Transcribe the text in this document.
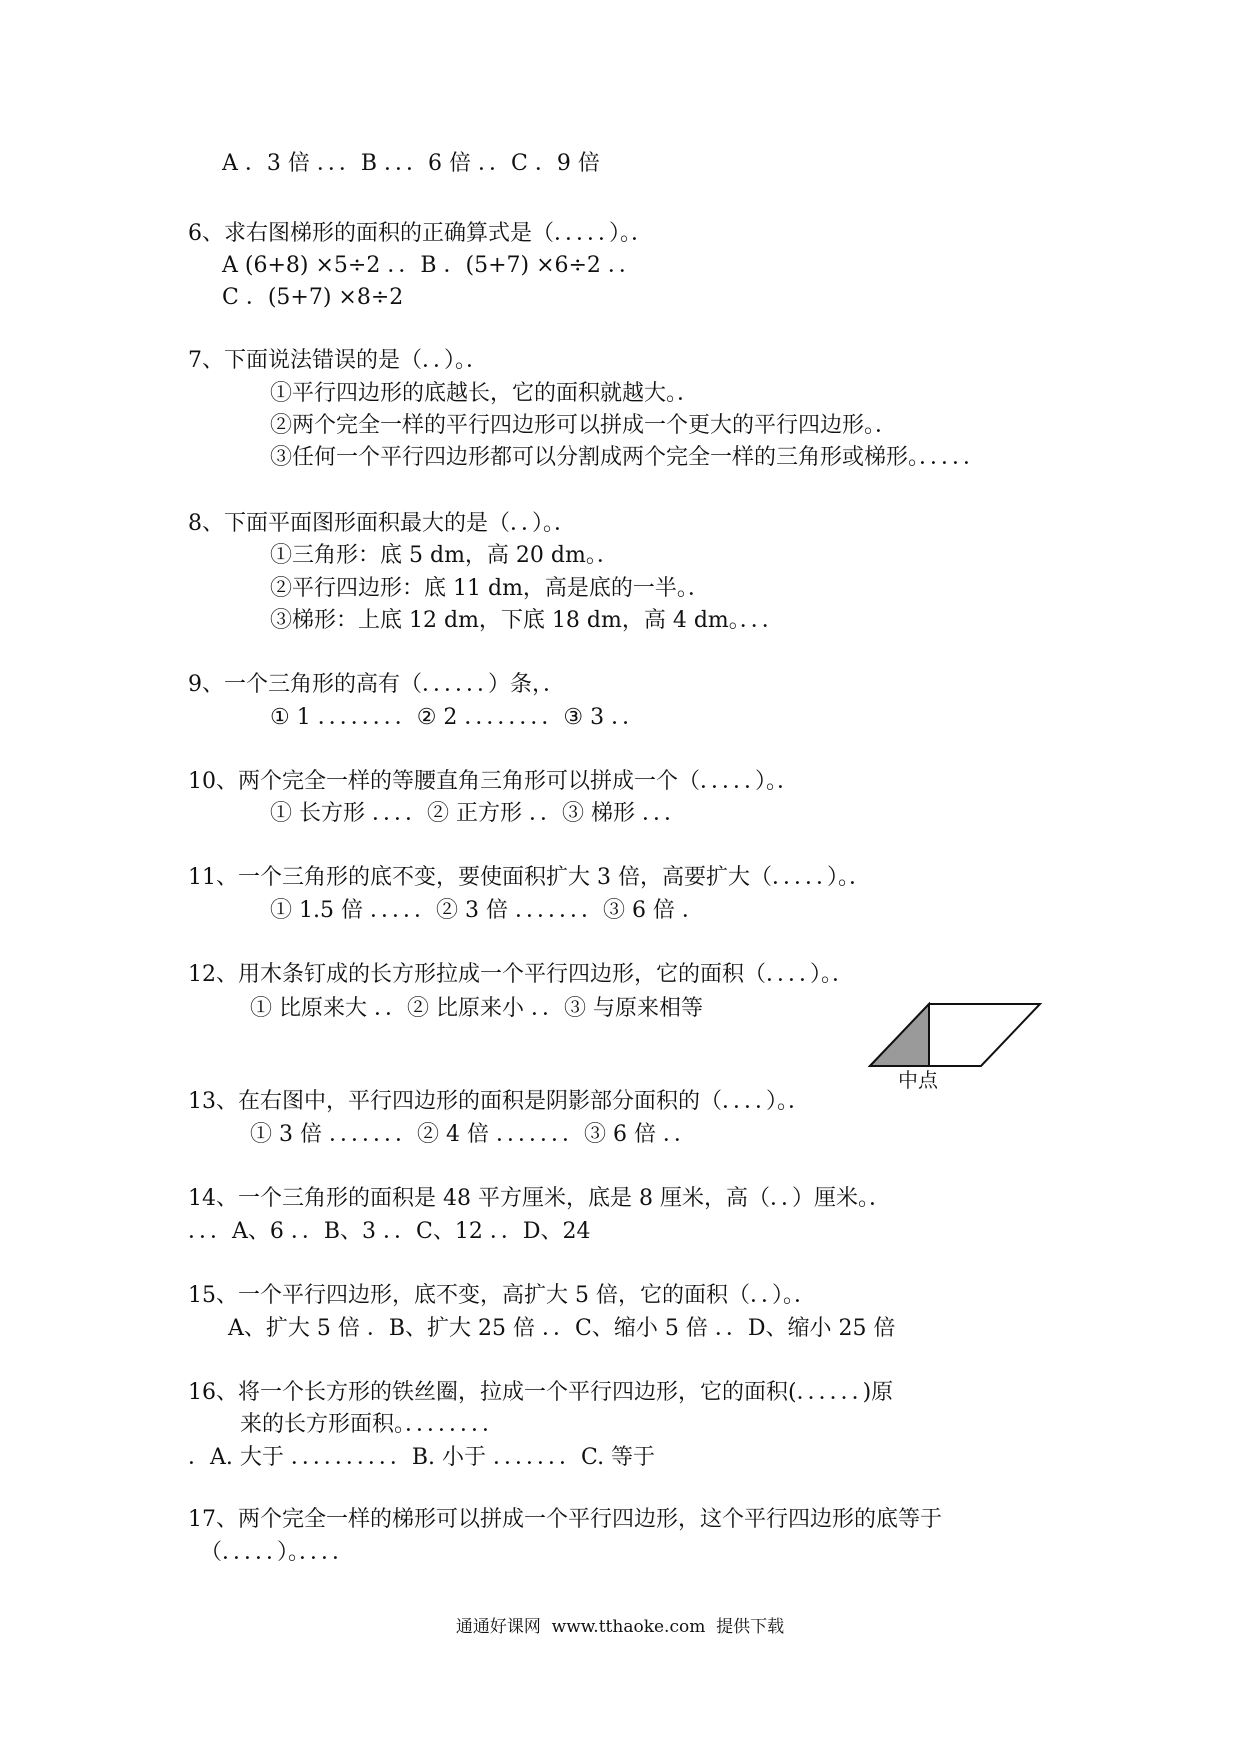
A ．3 倍 ．．．B ．．．6 倍 ．．C ．9 倍
6、求右图梯形的面积的正确算式是（．．．．．）。．
A (6+8) ×5÷2 ．．B ．(5+7) ×6÷2 ．．
C ．(5+7) ×8÷2
7、下面说法错误的是（．．）。．
①平行四边形的底越长，它的面积就越大。．
②两个完全一样的平行四边形可以拼成一个更大的平行四边形。．
③任何一个平行四边形都可以分割成两个完全一样的三角形或梯形。．．．．．
8、下面平面图形面积最大的是（．．）。．
①三角形：底 5 dm，高 20 dm。．
②平行四边形：底 11 dm，高是底的一半。．
③梯形：上底 12 dm，下底 18 dm，高 4 dm。．．．
9、一个三角形的高有（．．．．．．）条，．
① 1 ．．．．．．．．② 2 ．．．．．．．．③ 3 ．．
10、两个完全一样的等腰直角三角形可以拼成一个（．．．．．）。．
① 长方形 ．．．．② 正方形 ．．③ 梯形 ．．．
11、一个三角形的底不变，要使面积扩大 3 倍，高要扩大（．．．．．）。．
① 1.5 倍 ．．．．．② 3 倍 ．．．．．．．③ 6 倍 ．
12、用木条钉成的长方形拉成一个平行四边形，它的面积（．．．．）。．
① 比原来大 ．．② 比原来小 ．．③ 与原来相等
中点
13、在右图中，平行四边形的面积是阴影部分面积的（．．．．）。．
① 3 倍 ．．．．．．．② 4 倍 ．．．．．．．③ 6 倍 ．．
14、一个三角形的面积是 48 平方厘米，底是 8 厘米，高（．．）厘米。．
．．．A、6 ．．B、3 ．．C、12 ．．D、24
15、一个平行四边形，底不变，高扩大 5 倍，它的面积（．．）。．
A、扩大 5 倍 ．B、扩大 25 倍 ．．C、缩小 5 倍 ．．D、缩小 25 倍
16、将一个长方形的铁丝圈，拉成一个平行四边形，它的面积(．．．．．．)原
来的长方形面积。．．．．．．．．
．A. 大于 ．．．．．．．．．．B. 小于 ．．．．．．．C. 等于
17、两个完全一样的梯形可以拼成一个平行四边形，这个平行四边形的底等于
（．．．．．）。．．．．
通通好课网  www.tthaoke.com  提供下载
